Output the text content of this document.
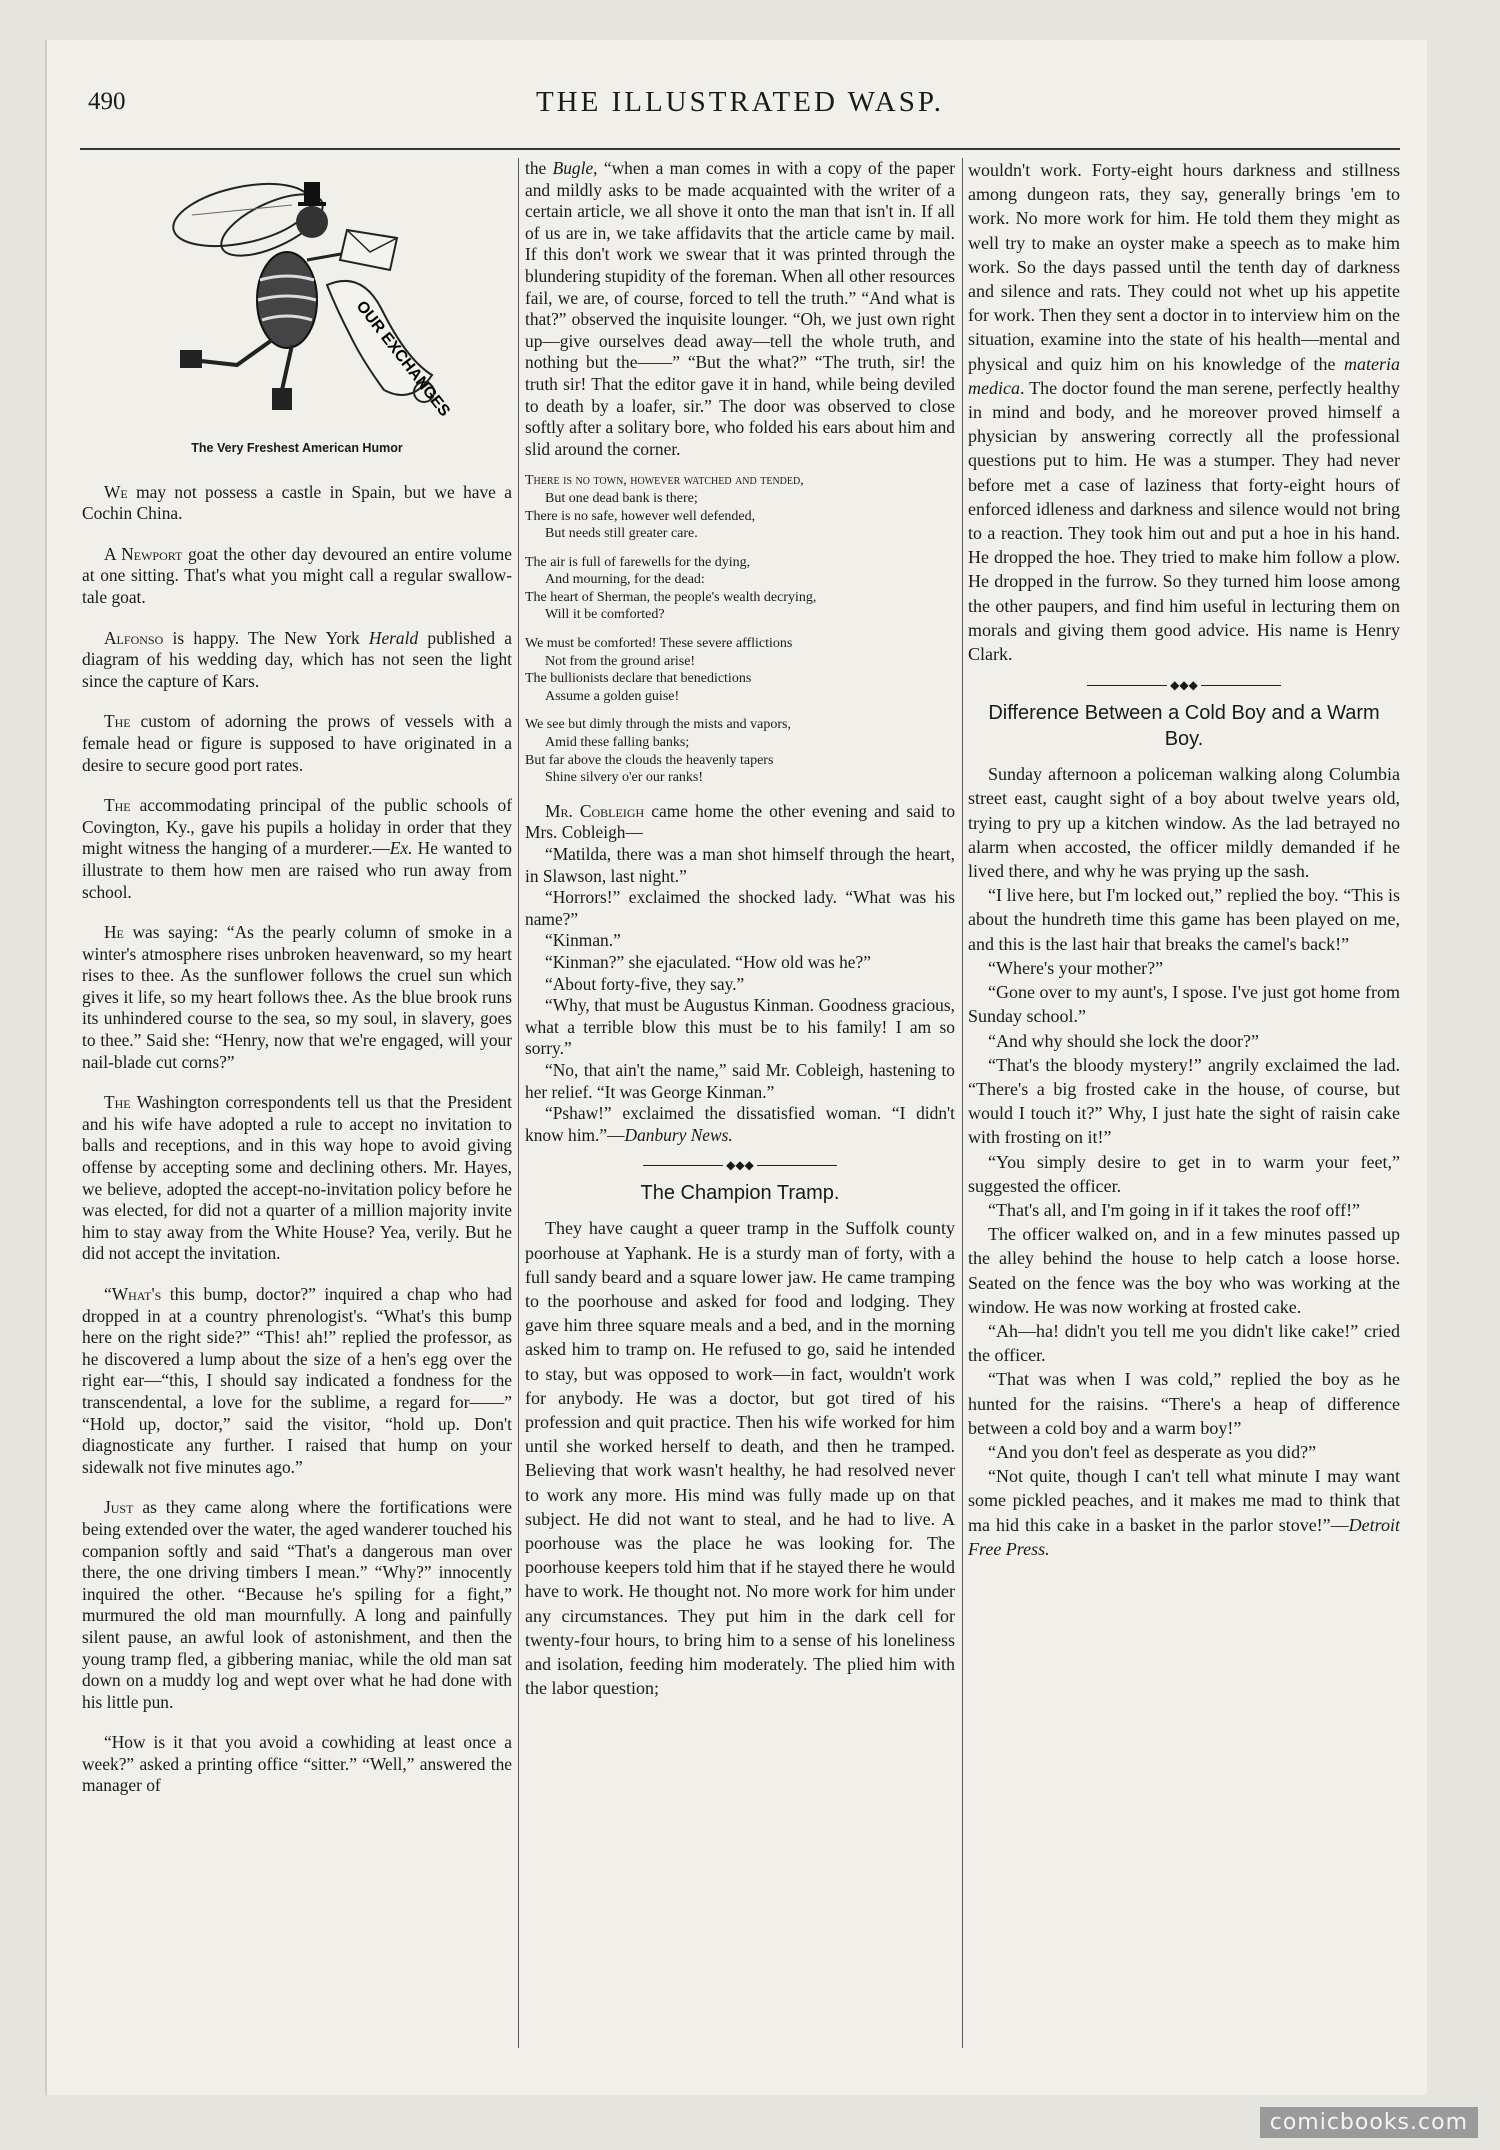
490	THE ILLUSTRATED WASP.
OUR EXCHANGES
The Very Freshest American Humor

We may not possess a castle in Spain, but we have a Cochin China.

A Newport goat the other day devoured an entire volume at one sitting. That's what you might call a regular swallow-tale goat.

Alfonso is happy. The New York Herald published a diagram of his wedding day, which has not seen the light since the capture of Kars.

The custom of adorning the prows of vessels with a female head or figure is supposed to have originated in a desire to secure good port rates.

The accommodating principal of the public schools of Covington, Ky., gave his pupils a holiday in order that they might witness the hanging of a murderer.—Ex. He wanted to illustrate to them how men are raised who run away from school.

He was saying: “As the pearly column of smoke in a winter's atmosphere rises unbroken heavenward, so my heart rises to thee. As the sunflower follows the cruel sun which gives it life, so my heart follows thee. As the blue brook runs its unhindered course to the sea, so my soul, in slavery, goes to thee.” Said she: “Henry, now that we're engaged, will your nail-blade cut corns?”

The Washington correspondents tell us that the President and his wife have adopted a rule to accept no invitation to balls and receptions, and in this way hope to avoid giving offense by accepting some and declining others. Mr. Hayes, we believe, adopted the accept-no-invitation policy before he was elected, for did not a quarter of a million majority invite him to stay away from the White House? Yea, verily. But he did not accept the invitation.

“What's this bump, doctor?” inquired a chap who had dropped in at a country phrenologist's. “What's this bump here on the right side?” “This! ah!” replied the professor, as he discovered a lump about the size of a hen's egg over the right ear—“this, I should say indicated a fondness for the transcendental, a love for the sublime, a regard for——” “Hold up, doctor,” said the visitor, “hold up. Don't diagnosticate any further. I raised that hump on your sidewalk not five minutes ago.”

Just as they came along where the fortifications were being extended over the water, the aged wanderer touched his companion softly and said “That's a dangerous man over there, the one driving timbers I mean.” “Why?” innocently inquired the other. “Because he's spiling for a fight,” murmured the old man mournfully. A long and painfully silent pause, an awful look of astonishment, and then the young tramp fled, a gibbering maniac, while the old man sat down on a muddy log and wept over what he had done with his little pun.

“How is it that you avoid a cowhiding at least once a week?” asked a printing office “sitter.” “Well,” answered the manager of

the Bugle, “when a man comes in with a copy of the paper and mildly asks to be made acquainted with the writer of a certain article, we all shove it onto the man that isn't in. If all of us are in, we take affidavits that the article came by mail. If this don't work we swear that it was printed through the blundering stupidity of the foreman. When all other resources fail, we are, of course, forced to tell the truth.” “And what is that?” observed the inquisite lounger. “Oh, we just own right up—give ourselves dead away—tell the whole truth, and nothing but the——” “But the what?” “The truth, sir! the truth sir! That the editor gave it in hand, while being deviled to death by a loafer, sir.” The door was observed to close softly after a solitary bore, who folded his ears about him and slid around the corner.

There is no town, however watched and tended,
But one dead bank is there;
There is no safe, however well defended,
But needs still greater care.
The air is full of farewells for the dying,
And mourning, for the dead:
The heart of Sherman, the people's wealth decrying,
Will it be comforted?
We must be comforted! These severe afflictions
Not from the ground arise!
The bullionists declare that benedictions
Assume a golden guise!
We see but dimly through the mists and vapors,
Amid these falling banks;
But far above the clouds the heavenly tapers
Shine silvery o'er our ranks!

Mr. Cobleigh came home the other evening and said to Mrs. Cobleigh—

“Matilda, there was a man shot himself through the heart, in Slawson, last night.”

“Horrors!” exclaimed the shocked lady. “What was his name?”

“Kinman.”

“Kinman?” she ejaculated. “How old was he?”

“About forty-five, they say.”

“Why, that must be Augustus Kinman. Goodness gracious, what a terrible blow this must be to his family! I am so sorry.”

“No, that ain't the name,” said Mr. Cobleigh, hastening to her relief. “It was George Kinman.”

“Pshaw!” exclaimed the dissatisfied woman. “I didn't know him.”—Danbury News.

◆◆◆
The Champion Tramp.

They have caught a queer tramp in the Suffolk county poorhouse at Yaphank. He is a sturdy man of forty, with a full sandy beard and a square lower jaw. He came tramping to the poorhouse and asked for food and lodging. They gave him three square meals and a bed, and in the morning asked him to tramp on. He refused to go, said he intended to stay, but was opposed to work—in fact, wouldn't work for anybody. He was a doctor, but got tired of his profession and quit practice. Then his wife worked for him until she worked herself to death, and then he tramped. Believing that work wasn't healthy, he had resolved never to work any more. His mind was fully made up on that subject. He did not want to steal, and he had to live. A poorhouse was the place he was looking for. The poorhouse keepers told him that if he stayed there he would have to work. He thought not. No more work for him under any circumstances. They put him in the dark cell for twenty-four hours, to bring him to a sense of his loneliness and isolation, feeding him moderately. The plied him with the labor question;

wouldn't work. Forty-eight hours darkness and stillness among dungeon rats, they say, generally brings 'em to work. No more work for him. He told them they might as well try to make an oyster make a speech as to make him work. So the days passed until the tenth day of darkness and silence and rats. They could not whet up his appetite for work. Then they sent a doctor in to interview him on the situation, examine into the state of his health—mental and physical and quiz him on his knowledge of the materia medica. The doctor found the man serene, perfectly healthy in mind and body, and he moreover proved himself a physician by answering correctly all the professional questions put to him. He was a stumper. They had never before met a case of laziness that forty-eight hours of enforced idleness and darkness and silence would not bring to a reaction. They took him out and put a hoe in his hand. He dropped the hoe. They tried to make him follow a plow. He dropped in the furrow. So they turned him loose among the other paupers, and find him useful in lecturing them on morals and giving them good advice. His name is Henry Clark.

◆◆◆
Difference Between a Cold Boy and a Warm Boy.

Sunday afternoon a policeman walking along Columbia street east, caught sight of a boy about twelve years old, trying to pry up a kitchen window. As the lad betrayed no alarm when accosted, the officer mildly demanded if he lived there, and why he was prying up the sash.

“I live here, but I'm locked out,” replied the boy. “This is about the hundreth time this game has been played on me, and this is the last hair that breaks the camel's back!”

“Where's your mother?”

“Gone over to my aunt's, I spose. I've just got home from Sunday school.”

“And why should she lock the door?”

“That's the bloody mystery!” angrily exclaimed the lad. “There's a big frosted cake in the house, of course, but would I touch it?” Why, I just hate the sight of raisin cake with frosting on it!”

“You simply desire to get in to warm your feet,” suggested the officer.

“That's all, and I'm going in if it takes the roof off!”

The officer walked on, and in a few minutes passed up the alley behind the house to help catch a loose horse. Seated on the fence was the boy who was working at the window. He was now working at frosted cake.

“Ah—ha! didn't you tell me you didn't like cake!” cried the officer.

“That was when I was cold,” replied the boy as he hunted for the raisins. “There's a heap of difference between a cold boy and a warm boy!”

“And you don't feel as desperate as you did?”

“Not quite, though I can't tell what minute I may want some pickled peaches, and it makes me mad to think that ma hid this cake in a basket in the parlor stove!”—Detroit Free Press.

comicbooks.com
